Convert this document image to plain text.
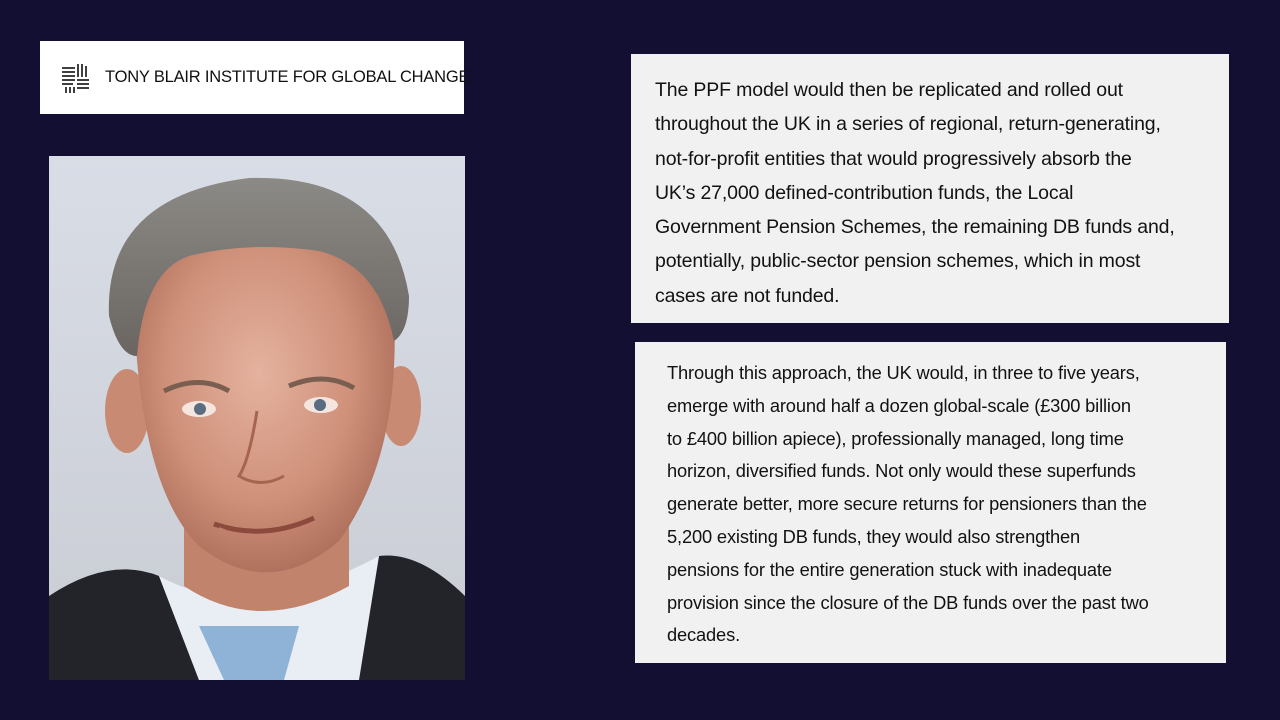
TONY BLAIR INSTITUTE FOR GLOBAL CHANGE
The PPF model would then be replicated and rolled out
throughout the UK in a series of regional, return-generating,
not-for-profit entities that would progressively absorb the
UK’s 27,000 defined-contribution funds, the Local
Government Pension Schemes, the remaining DB funds and,
potentially, public-sector pension schemes, which in most
cases are not funded.
Through this approach, the UK would, in three to five years,
emerge with around half a dozen global-scale (£300 billion
to £400 billion apiece), professionally managed, long time
horizon, diversified funds. Not only would these superfunds
generate better, more secure returns for pensioners than the
5,200 existing DB funds, they would also strengthen
pensions for the entire generation stuck with inadequate
provision since the closure of the DB funds over the past two
decades.
